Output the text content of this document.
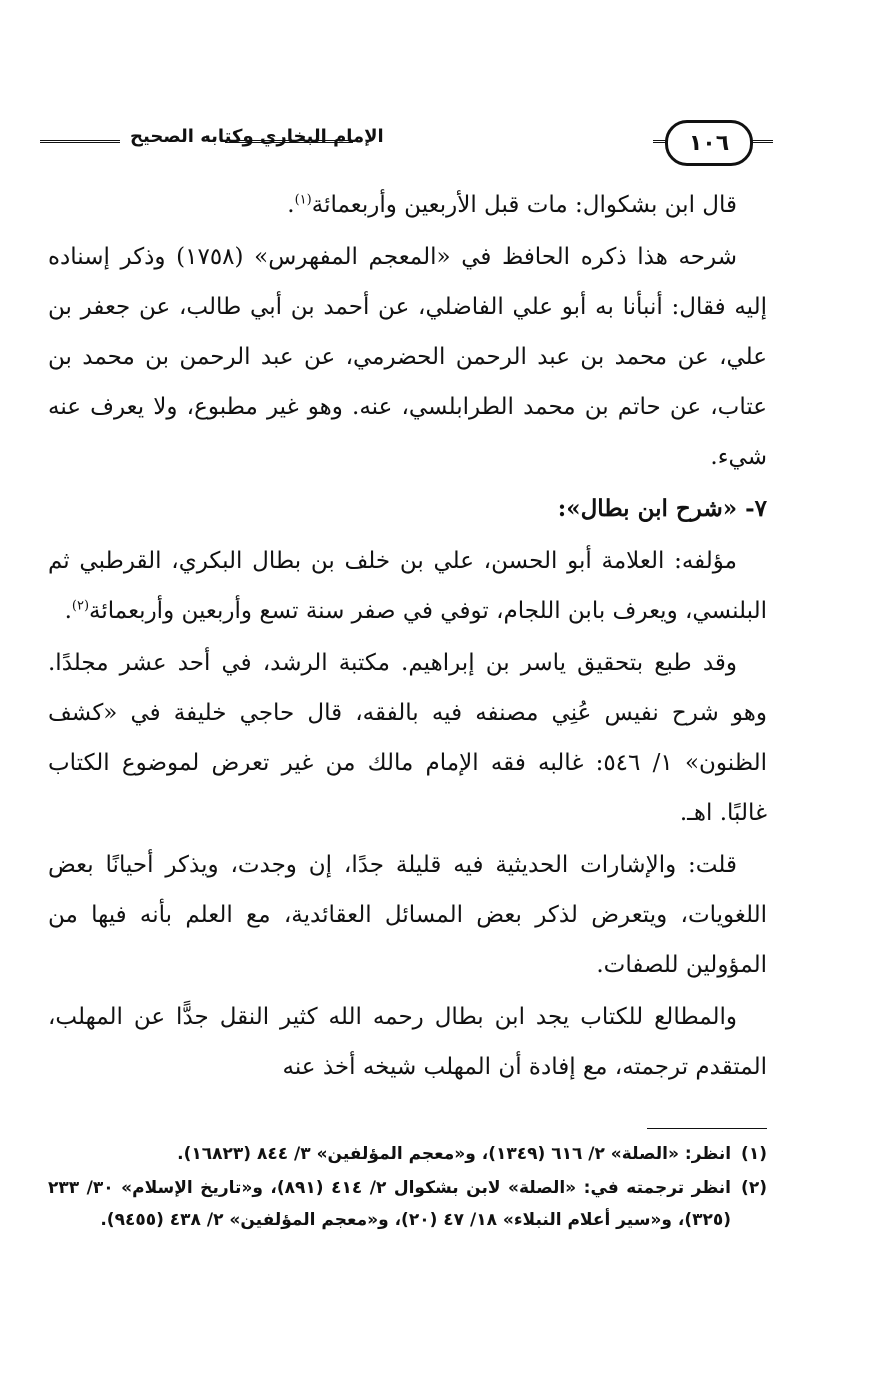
١٠٦
الإمام البخاري وكتابه الصحيح

قال ابن بشكوال: مات قبل الأربعين وأربعمائة$^{(١)}$.

شرحه هذا ذكره الحافظ في «المعجم المفهرس» (١٧٥٨) وذكر إسناده إليه فقال: أنبأنا به أبو علي الفاضلي، عن أحمد بن أبي طالب، عن جعفر بن علي، عن محمد بن عبد الرحمن الحضرمي، عن عبد الرحمن بن محمد بن عتاب، عن حاتم بن محمد الطرابلسي، عنه. وهو غير مطبوع، ولا يعرف عنه شيء.

٧- «شرح ابن بطال»:

مؤلفه: العلامة أبو الحسن، علي بن خلف بن بطال البكري، القرطبي ثم البلنسي، ويعرف بابن اللجام، توفي في صفر سنة تسع وأربعين وأربعمائة$^{(٢)}$.

وقد طبع بتحقيق ياسر بن إبراهيم. مكتبة الرشد، في أحد عشر مجلدًا. وهو شرح نفيس عُنِي مصنفه فيه بالفقه، قال حاجي خليفة في «كشف الظنون» ١/ ٥٤٦: غالبه فقه الإمام مالك من غير تعرض لموضوع الكتاب غالبًا. اهـ.

قلت: والإشارات الحديثية فيه قليلة جدًا، إن وجدت، ويذكر أحيانًا بعض اللغويات، ويتعرض لذكر بعض المسائل العقائدية، مع العلم بأنه فيها من المؤولين للصفات.

والمطالع للكتاب يجد ابن بطال رحمه الله كثير النقل جدًّا عن المهلب، المتقدم ترجمته، مع إفادة أن المهلب شيخه أخذ عنه

(١)
انظر: «الصلة» ٢/ ٦١٦ (١٣٤٩)، و«معجم المؤلفين» ٣/ ٨٤٤ (١٦٨٢٣).
(٢)
انظر ترجمته في: «الصلة» لابن بشكوال ٢/ ٤١٤ (٨٩١)، و«تاريخ الإسلام» ٣٠/ ٢٣٣ (٣٢٥)، و«سير أعلام النبلاء» ١٨/ ٤٧ (٢٠)، و«معجم المؤلفين» ٢/ ٤٣٨ (٩٤٥٥).
